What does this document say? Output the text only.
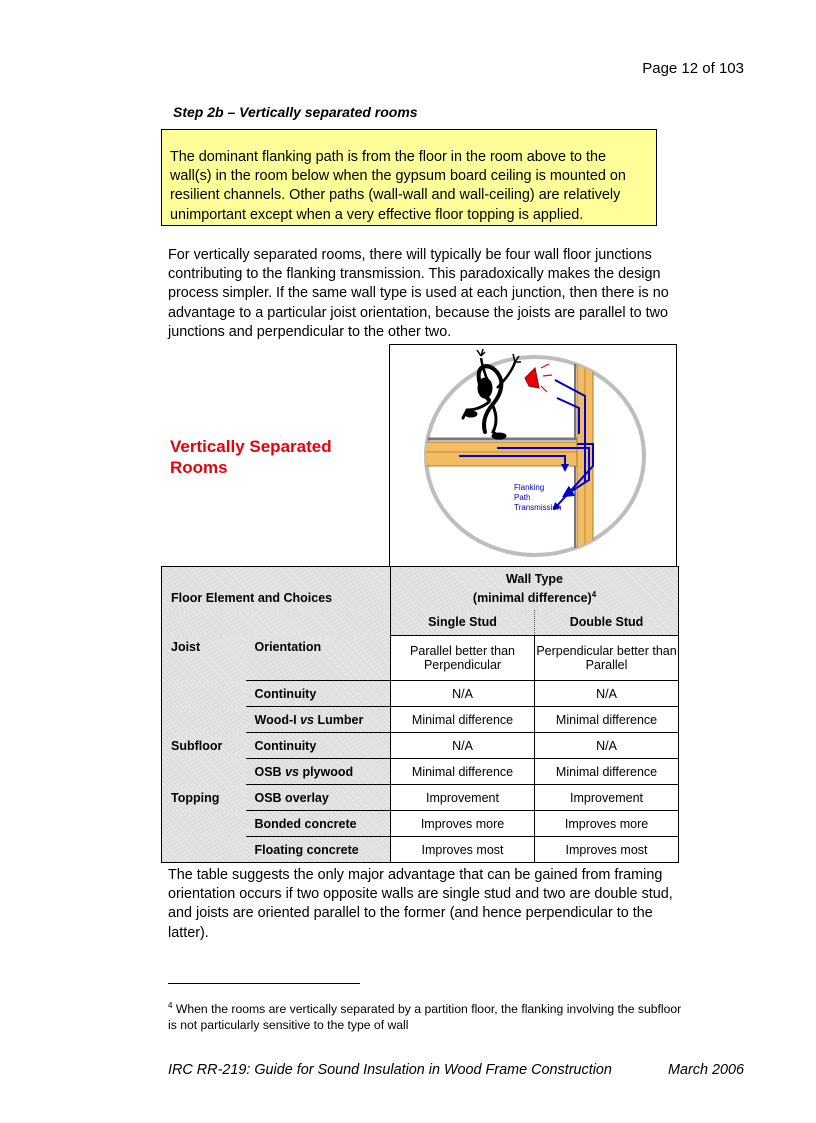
Page 12 of 103
Step 2b – Vertically separated rooms
The dominant flanking path is from the floor in the room above to the wall(s) in the room below when the gypsum board ceiling is mounted on resilient channels. Other paths (wall-wall and wall-ceiling) are relatively unimportant except when a very effective floor topping is applied.
For vertically separated rooms, there will typically be four wall floor junctions contributing to the flanking transmission. This paradoxically makes the design process simpler. If the same wall type is used at each junction, then there is no advantage to a particular joist orientation, because the joists are parallel to two junctions and perpendicular to the other two.
Vertically Separated
Rooms
Flanking
Path
Transmission
Floor Element and Choices		Wall Type
(minimal difference)$^4$

		Single Stud	Double Stud
Joist	Orientation	Parallel better than Perpendicular	Perpendicular better than Parallel
	Continuity	N/A	N/A
	Wood-I vs Lumber	Minimal difference	Minimal difference
Subfloor	Continuity	N/A	N/A
	OSB vs plywood	Minimal difference	Minimal difference
Topping	OSB overlay	Improvement	Improvement
	Bonded concrete	Improves more	Improves more
	Floating concrete	Improves most	Improves most
The table suggests the only major advantage that can be gained from framing orientation occurs if two opposite walls are single stud and two are double stud, and joists are oriented parallel to the former (and hence perpendicular to the latter).
$^4$ When the rooms are vertically separated by a partition floor, the flanking involving the subfloor is not particularly sensitive to the type of wall
IRC RR-219: Guide for Sound Insulation in Wood Frame Construction	March 2006
